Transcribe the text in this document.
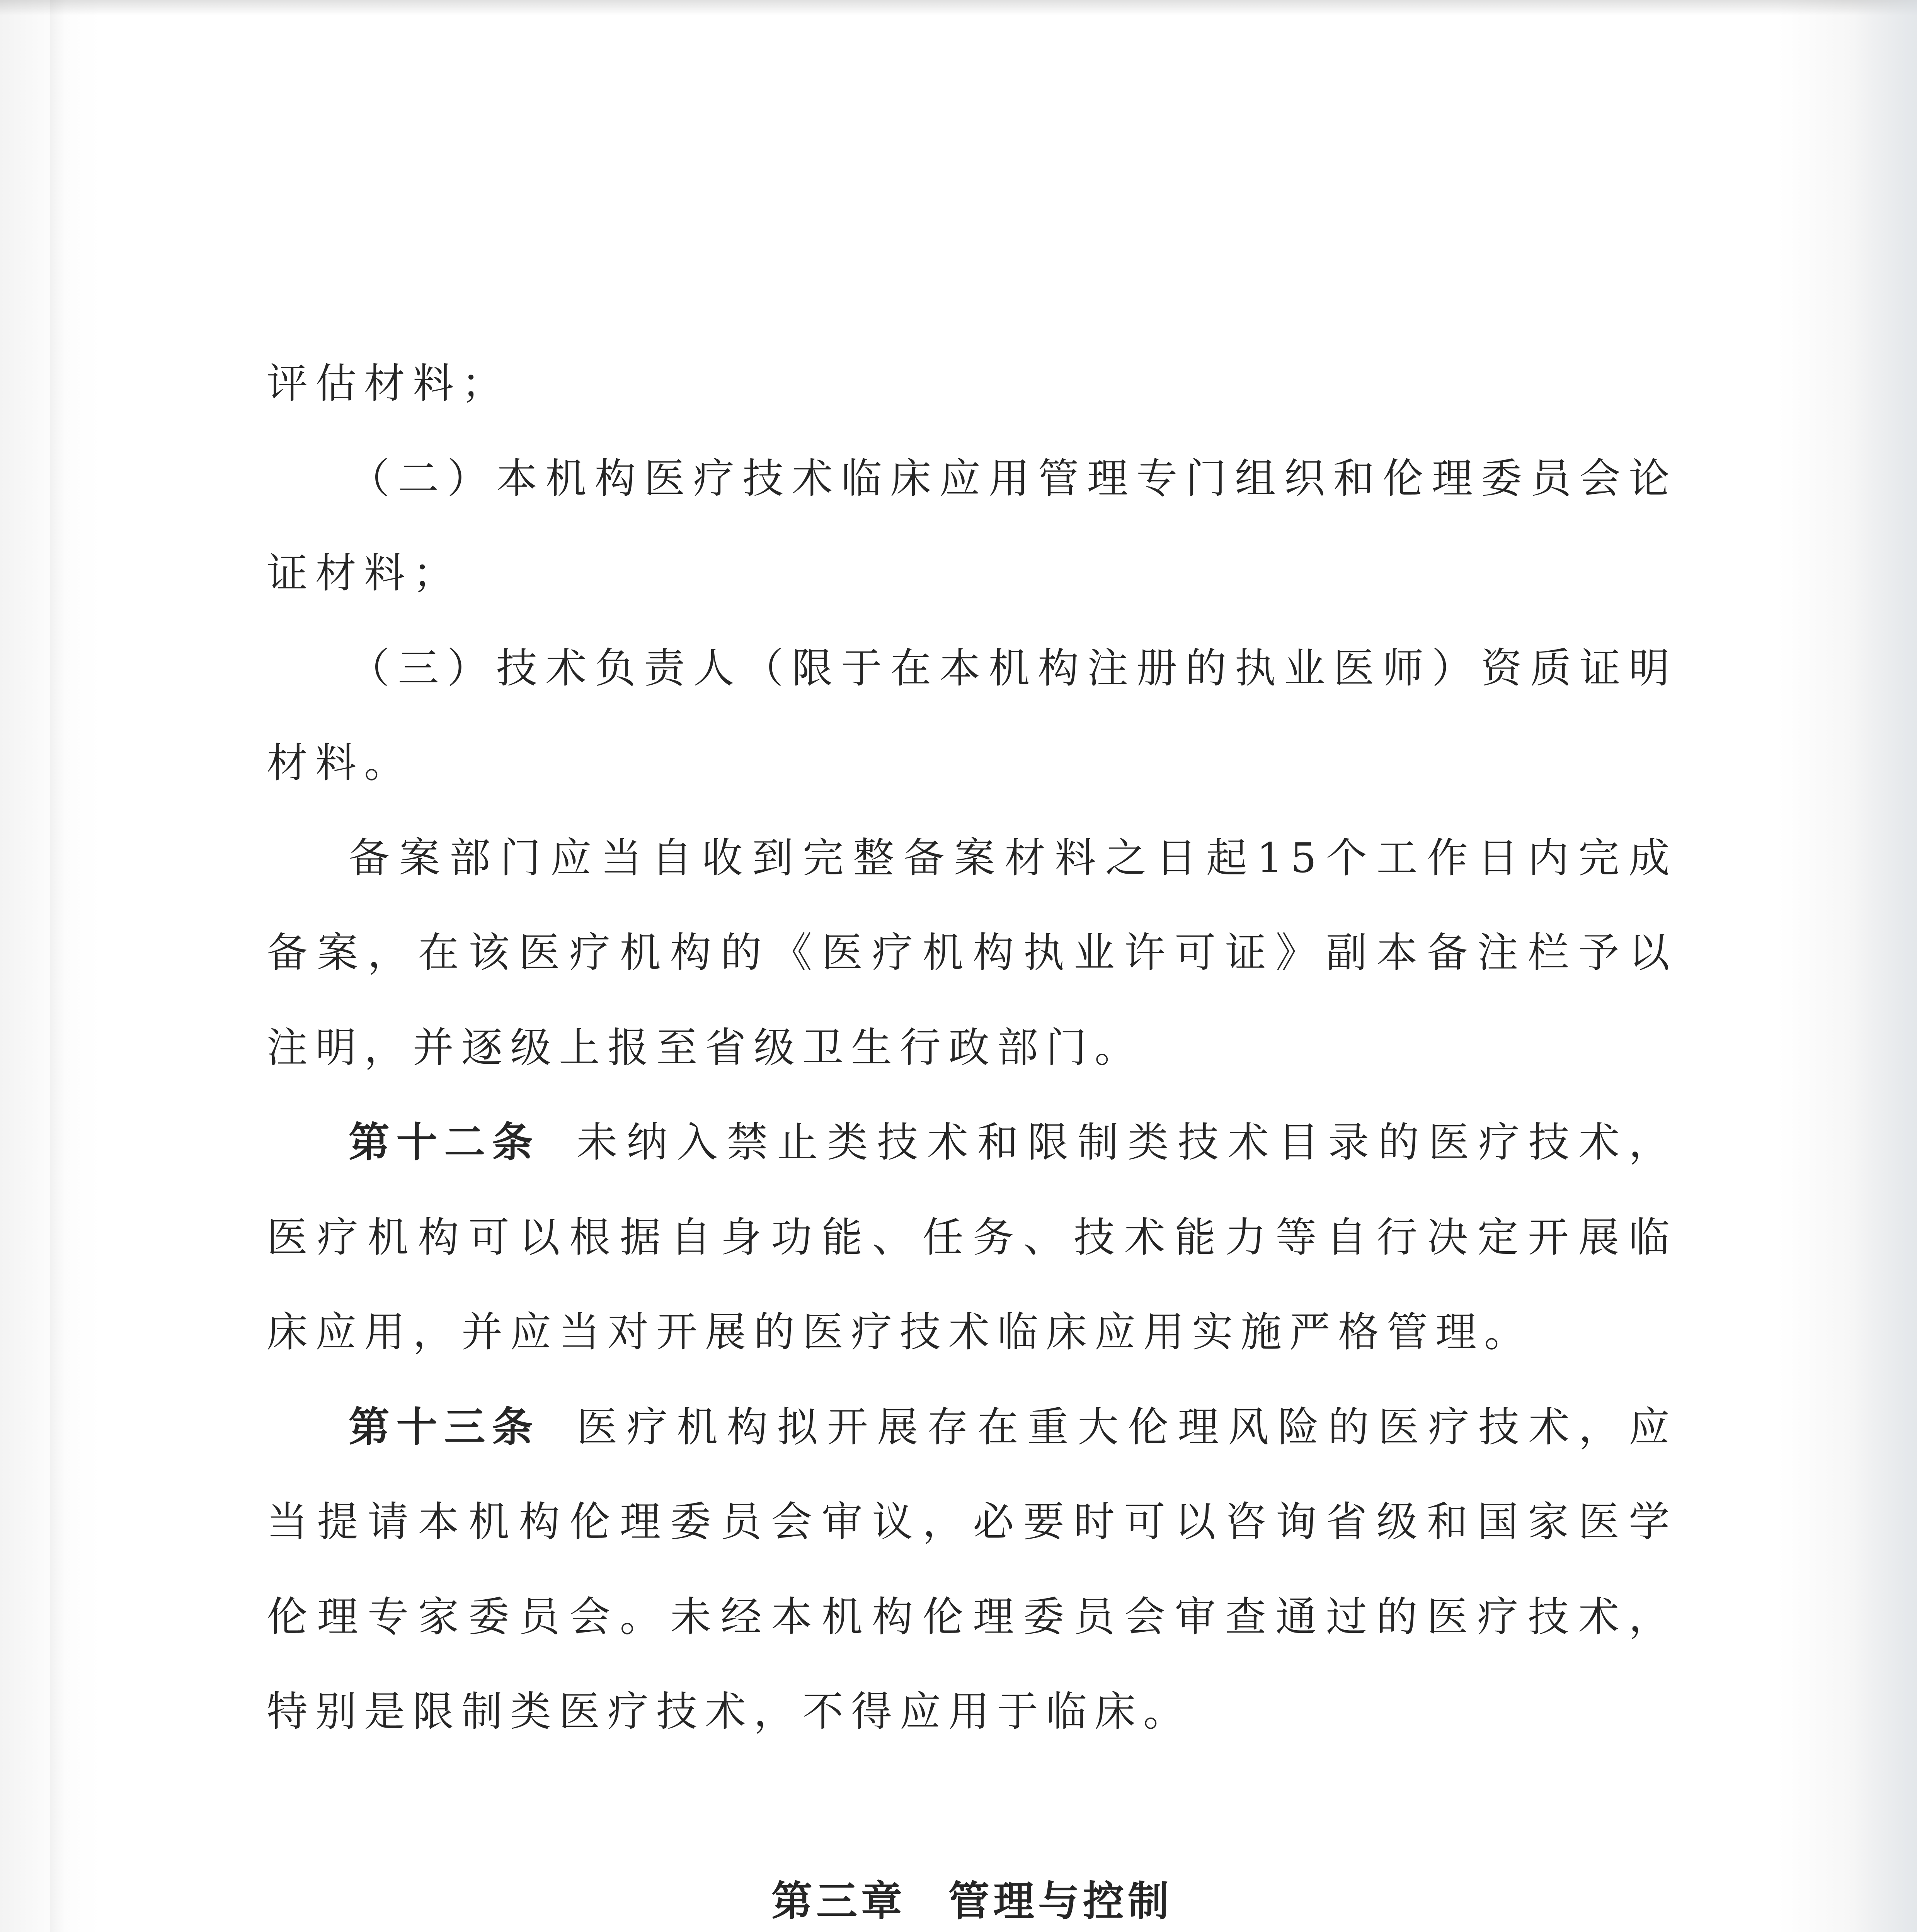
评估材料；

（二）本机构医疗技术临床应用管理专门组织和伦理委员会论证材料；

（三）技术负责人（限于在本机构注册的执业医师）资质证明材料。

备案部门应当自收到完整备案材料之日起15个工作日内完成备案，在该医疗机构的《医疗机构执业许可证》副本备注栏予以注明，并逐级上报至省级卫生行政部门。

第十二条 未纳入禁止类技术和限制类技术目录的医疗技术，医疗机构可以根据自身功能、任务、技术能力等自行决定开展临床应用，并应当对开展的医疗技术临床应用实施严格管理。

第十三条 医疗机构拟开展存在重大伦理风险的医疗技术，应当提请本机构伦理委员会审议，必要时可以咨询省级和国家医学伦理专家委员会。未经本机构伦理委员会审查通过的医疗技术，特别是限制类医疗技术，不得应用于临床。

第三章 管理与控制
